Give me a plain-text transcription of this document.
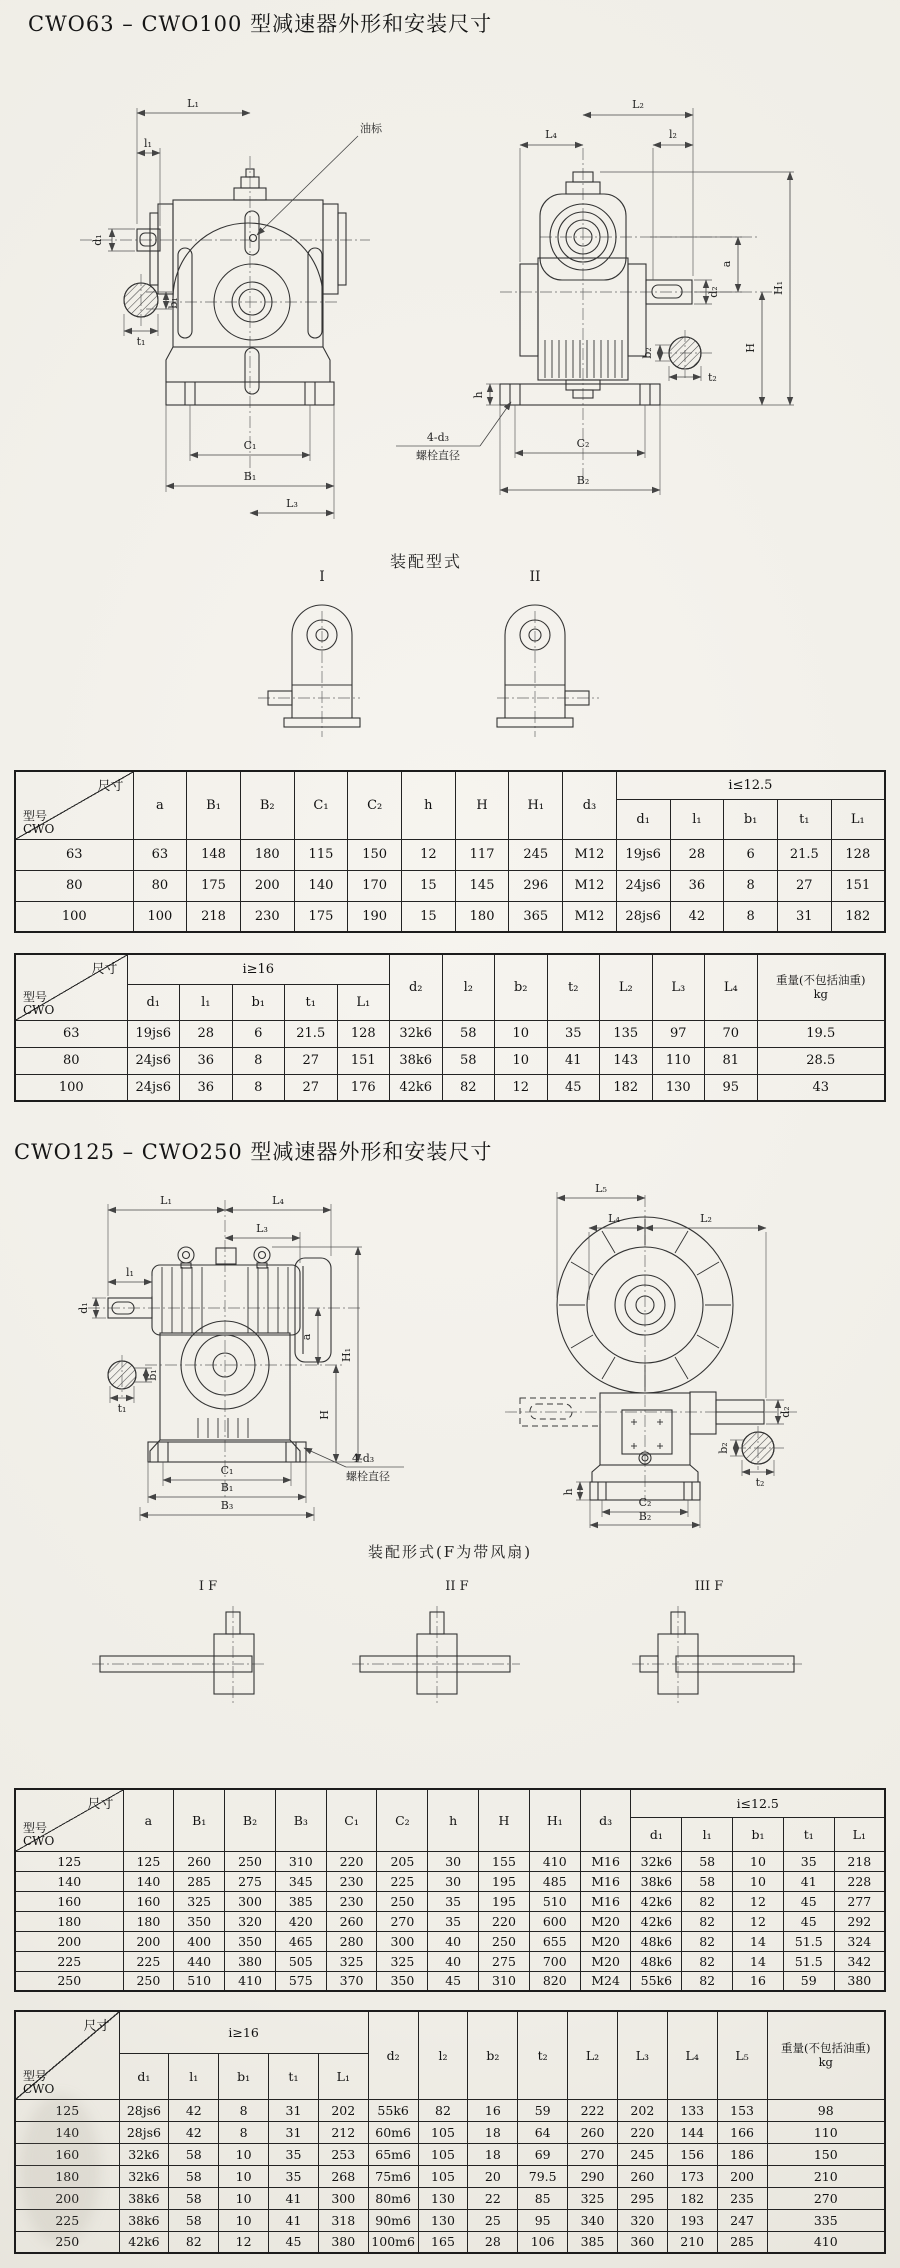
CWO63 – CWO100 型减速器外形和安装尺寸
L₁
l₁
d₁
油标
b₁
t₁
C₁
B₁
L₃
L₂
L₄	l₂
d₂
a
H
H₁
b₂
t₂
h
C₂
B₂
4-d₃
螺栓直径
装配型式
I	II
尺寸
型号
CWO	a	B₁	B₂	C₁	C₂	h	H	H₁	d₃	i≤12.5				
										d₁	l₁	b₁	t₁	L₁
63	63	148	180	115	150	12	117	245	M12	19js6	28	6	21.5	128
80	80	175	200	140	170	15	145	296	M12	24js6	36	8	27	151
100	100	218	230	175	190	15	180	365	M12	28js6	42	8	31	182
尺寸
型号
CWO
	i≥16	d₂	l₂	b₂	t₂	L₂	L₃	L₄	重量(不包括油重)
kg

	d₁	l₁	b₁	t₁	L₁								
63	19js6	28	6	21.5	128	32k6	58	10	35	135	97	70	19.5
80	24js6	36	8	27	151	38k6	58	10	41	143	110	81	28.5
100	24js6	36	8	27	176	42k6	82	12	45	182	130	95	43
CWO125 – CWO250 型减速器外形和安装尺寸
L₁	L₄
L₃
l₁
d₁
b₁
t₁
a
H
H₁
C₁
B₁
B₃
4-d₃
螺栓直径
L₅
L₄	L₂
d₂
b₂
t₂
h
C₂
B₂
装配形式(F为带风扇)
I F	II F	III F
尺寸
型号
CWO	a	B₁	B₂	B₃	C₁	C₂	h	H	H₁	d₃	i≤12.5				
											d₁	l₁	b₁	t₁	L₁
125	125	260	250	310	220	205	30	155	410	M16	32k6	58	10	35	218
140	140	285	275	345	230	225	30	195	485	M16	38k6	58	10	41	228
160	160	325	300	385	230	250	35	195	510	M16	42k6	82	12	45	277
180	180	350	320	420	260	270	35	220	600	M20	42k6	82	12	45	292
200	200	400	350	465	280	300	40	250	655	M20	48k6	82	14	51.5	324
225	225	440	380	505	325	325	40	275	700	M20	48k6	82	14	51.5	342
250	250	510	410	575	370	350	45	310	820	M24	55k6	82	16	59	380
尺寸
型号
CWO
	i≥16	d₂	l₂	b₂	t₂	L₂	L₃	L₄	L₅	重量(不包括油重)
kg

	d₁	l₁	b₁	t₁	L₁									
125	28js6	42	8	31	202	55k6	82	16	59	222	202	133	153	98
140	28js6	42	8	31	212	60m6	105	18	64	260	220	144	166	110
160	32k6	58	10	35	253	65m6	105	18	69	270	245	156	186	150
180	32k6	58	10	35	268	75m6	105	20	79.5	290	260	173	200	210
200	38k6	58	10	41	300	80m6	130	22	85	325	295	182	235	270
225	38k6	58	10	41	318	90m6	130	25	95	340	320	193	247	335
250	42k6	82	12	45	380	100m6	165	28	106	385	360	210	285	410
